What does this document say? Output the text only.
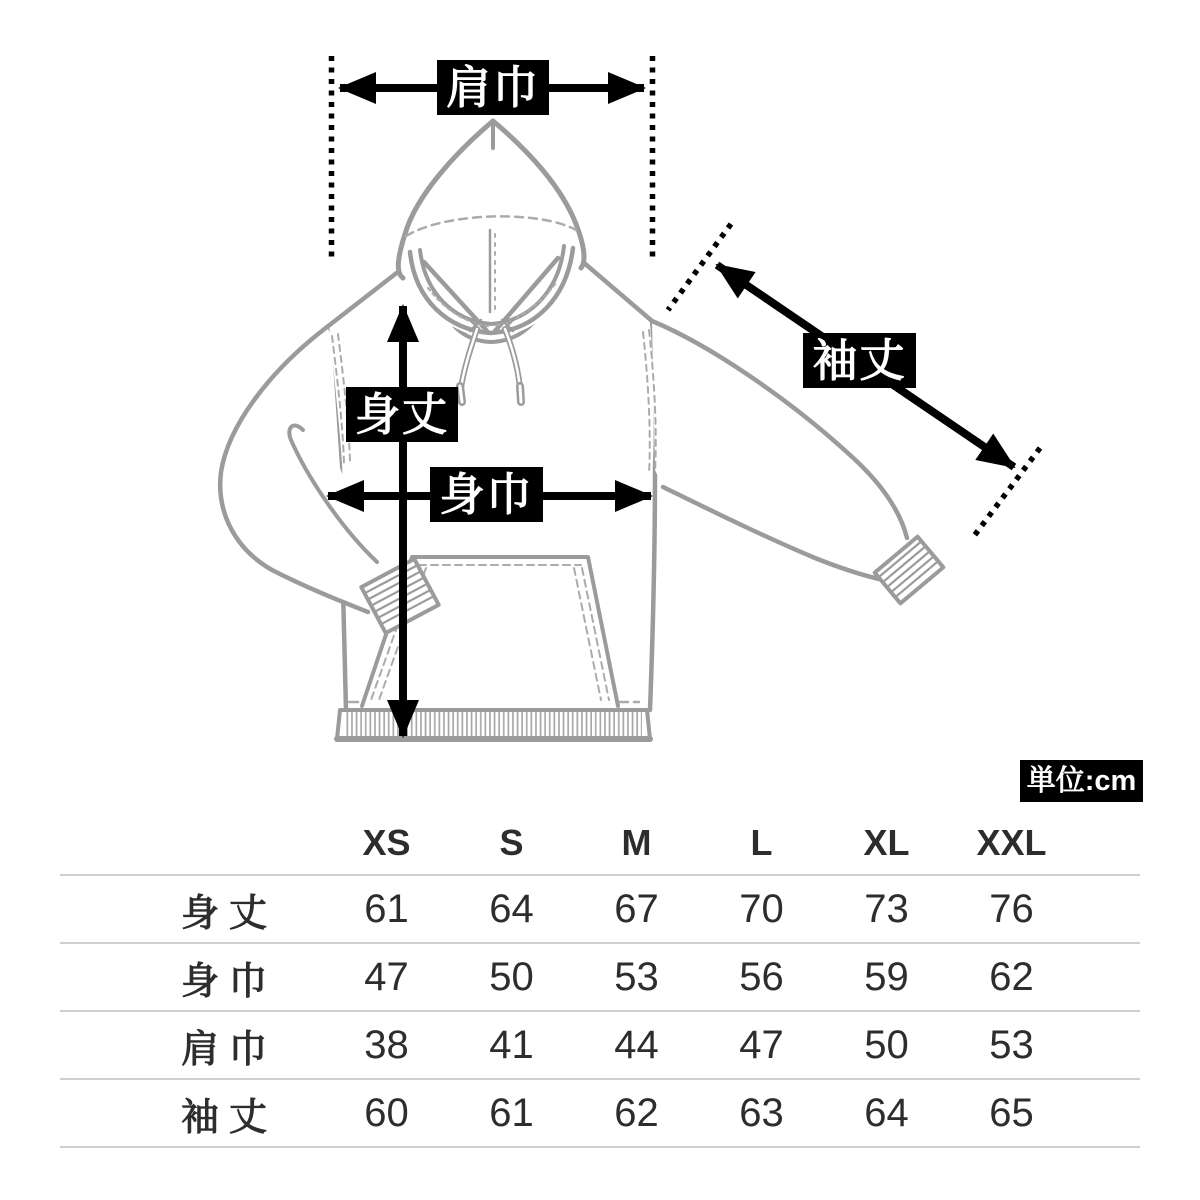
肩巾
身丈
身巾
袖丈
単位:cm
XS	S	M	L	XL	XXL
身丈	61	64	67	70	73	76
身巾	47	50	53	56	59	62
肩巾	38	41	44	47	50	53
袖丈	60	61	62	63	64	65
